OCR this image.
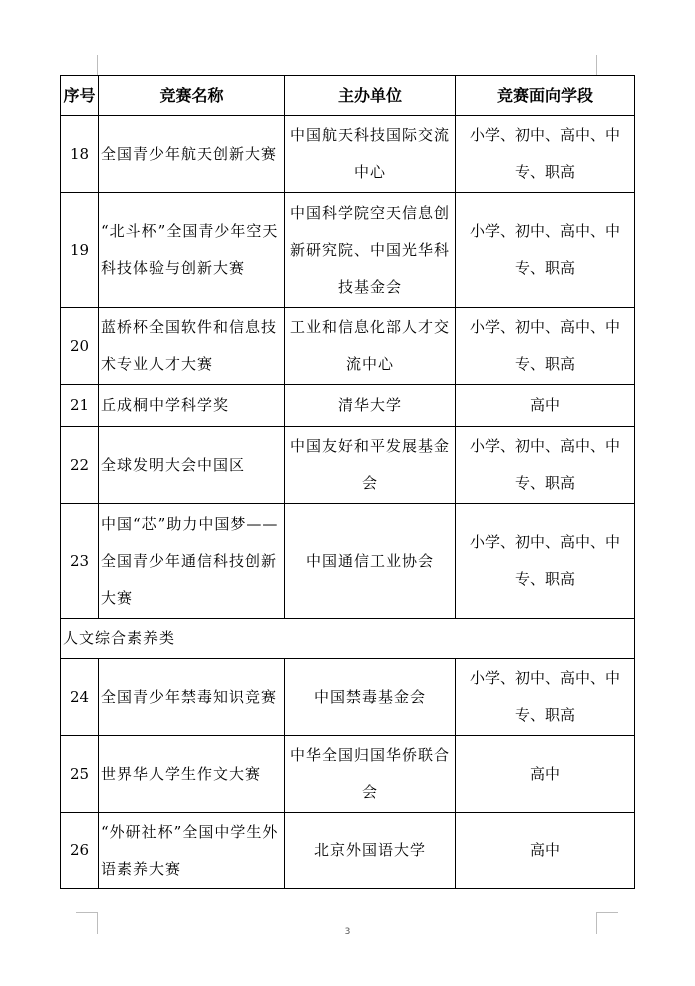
序号	竞赛名称	主办单位	竞赛面向学段
18	全国青少年航天创新大赛	中国航天科技国际交流中心	小学、初中、高中、中专、职高
19	“北斗杯”全国青少年空天科技体验与创新大赛	中国科学院空天信息创新研究院、中国光华科技基金会	小学、初中、高中、中专、职高
20	蓝桥杯全国软件和信息技术专业人才大赛	工业和信息化部人才交流中心	小学、初中、高中、中专、职高
21	丘成桐中学科学奖	清华大学	高中
22	全球发明大会中国区	中国友好和平发展基金会	小学、初中、高中、中专、职高
23	中国“芯”助力中国梦——全国青少年通信科技创新大赛	中国通信工业协会	小学、初中、高中、中专、职高
人文综合素养类			
24	全国青少年禁毒知识竞赛	中国禁毒基金会	小学、初中、高中、中专、职高
25	世界华人学生作文大赛	中华全国归国华侨联合会	高中
26	“外研社杯”全国中学生外语素养大赛	北京外国语大学	高中
3
